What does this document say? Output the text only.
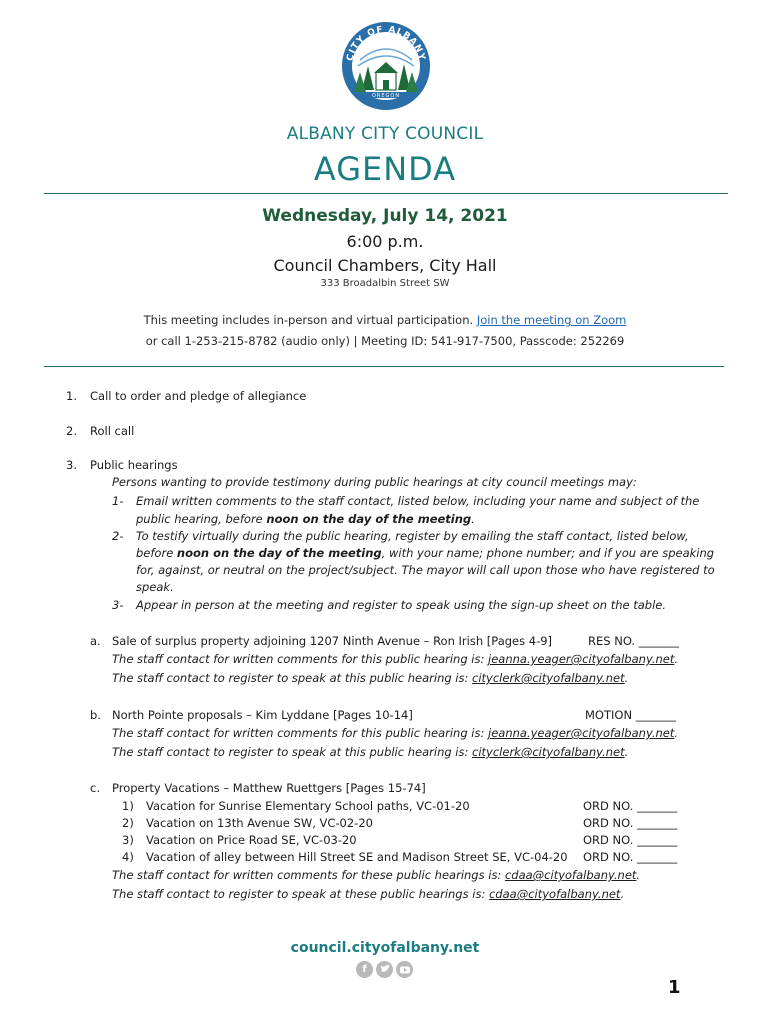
CITY OF ALBANY
OREGON
ALBANY CITY COUNCIL
AGENDA
Wednesday, July 14, 2021
6:00 p.m.
Council Chambers, City Hall
333 Broadalbin Street SW
This meeting includes in-person and virtual participation. Join the meeting on Zoom
or call 1-253-215-8782 (audio only) | Meeting ID: 541-917-7500, Passcode: 252269
1. Call to order and pledge of allegiance
2. Roll call
3. Public hearings
Persons wanting to provide testimony during public hearings at city council meetings may:
1- Email written comments to the staff contact, listed below, including your name and subject of the
public hearing, before noon on the day of the meeting.
2- To testify virtually during the public hearing, register by emailing the staff contact, listed below,
before noon on the day of the meeting, with your name; phone number; and if you are speaking
for, against, or neutral on the project/subject. The mayor will call upon those who have registered to
speak.
3- Appear in person at the meeting and register to speak using the sign-up sheet on the table.
a. Sale of surplus property adjoining 1207 Ninth Avenue – Ron Irish [Pages 4-9]	RES NO. _______
The staff contact for written comments for this public hearing is: jeanna.yeager@cityofalbany.net.
The staff contact to register to speak at this public hearing is: cityclerk@cityofalbany.net.
b. North Pointe proposals – Kim Lyddane [Pages 10-14]	MOTION _______
The staff contact for written comments for this public hearing is: jeanna.yeager@cityofalbany.net.
The staff contact to register to speak at this public hearing is: cityclerk@cityofalbany.net.
c. Property Vacations – Matthew Ruettgers [Pages 15-74]
1) Vacation for Sunrise Elementary School paths, VC-01-20	ORD NO. _______
2) Vacation on 13th Avenue SW, VC-02-20	ORD NO. _______
3) Vacation on Price Road SE, VC-03-20	ORD NO. _______
4) Vacation of alley between Hill Street SE and Madison Street SE, VC-04-20 ORD NO. _______
The staff contact for written comments for these public hearings is: cdaa@cityofalbany.net.
The staff contact to register to speak at these public hearings is: cdaa@cityofalbany.net.
council.cityofalbany.net
f
1
